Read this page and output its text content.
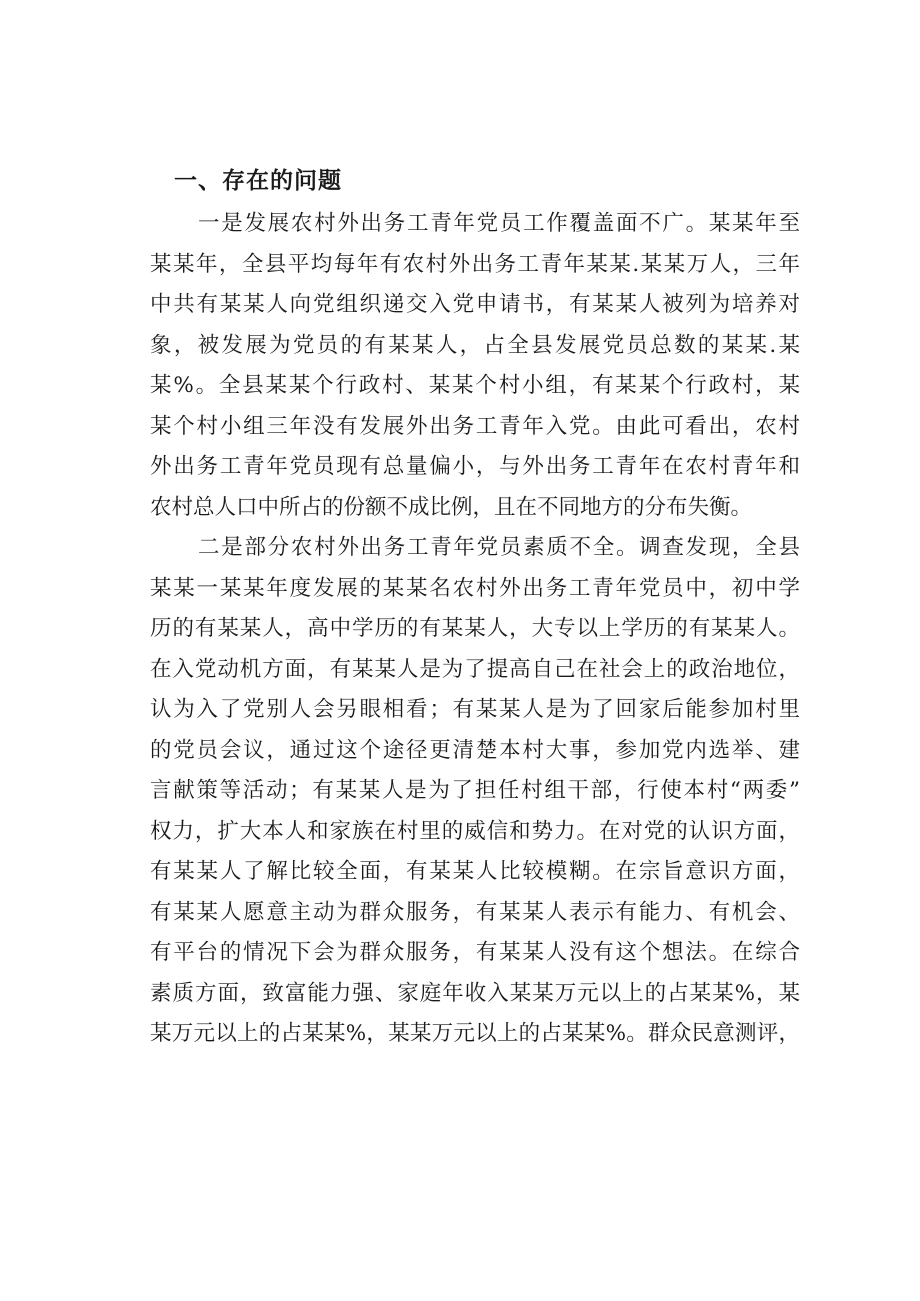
一、存在的问题

一是发展农村外出务工青年党员工作覆盖面不广。某某年至
某某年，全县平均每年有农村外出务工青年某某.某某万人，三年
中共有某某人向党组织递交入党申请书，有某某人被列为培养对
象，被发展为党员的有某某人，占全县发展党员总数的某某.某
某%。全县某某个行政村、某某个村小组，有某某个行政村，某
某个村小组三年没有发展外出务工青年入党。由此可看出，农村
外出务工青年党员现有总量偏小，与外出务工青年在农村青年和
农村总人口中所占的份额不成比例，且在不同地方的分布失衡。

二是部分农村外出务工青年党员素质不全。调查发现，全县
某某一某某年度发展的某某名农村外出务工青年党员中，初中学
历的有某某人，高中学历的有某某人，大专以上学历的有某某人。
在入党动机方面，有某某人是为了提高自己在社会上的政治地位，
认为入了党别人会另眼相看；有某某人是为了回家后能参加村里
的党员会议，通过这个途径更清楚本村大事，参加党内选举、建
言献策等活动；有某某人是为了担任村组干部，行使本村“两委”
权力，扩大本人和家族在村里的威信和势力。在对党的认识方面，
有某某人了解比较全面，有某某人比较模糊。在宗旨意识方面，
有某某人愿意主动为群众服务，有某某人表示有能力、有机会、
有平台的情况下会为群众服务，有某某人没有这个想法。在综合
素质方面，致富能力强、家庭年收入某某万元以上的占某某%，某
某万元以上的占某某%，某某万元以上的占某某%。群众民意测评，
